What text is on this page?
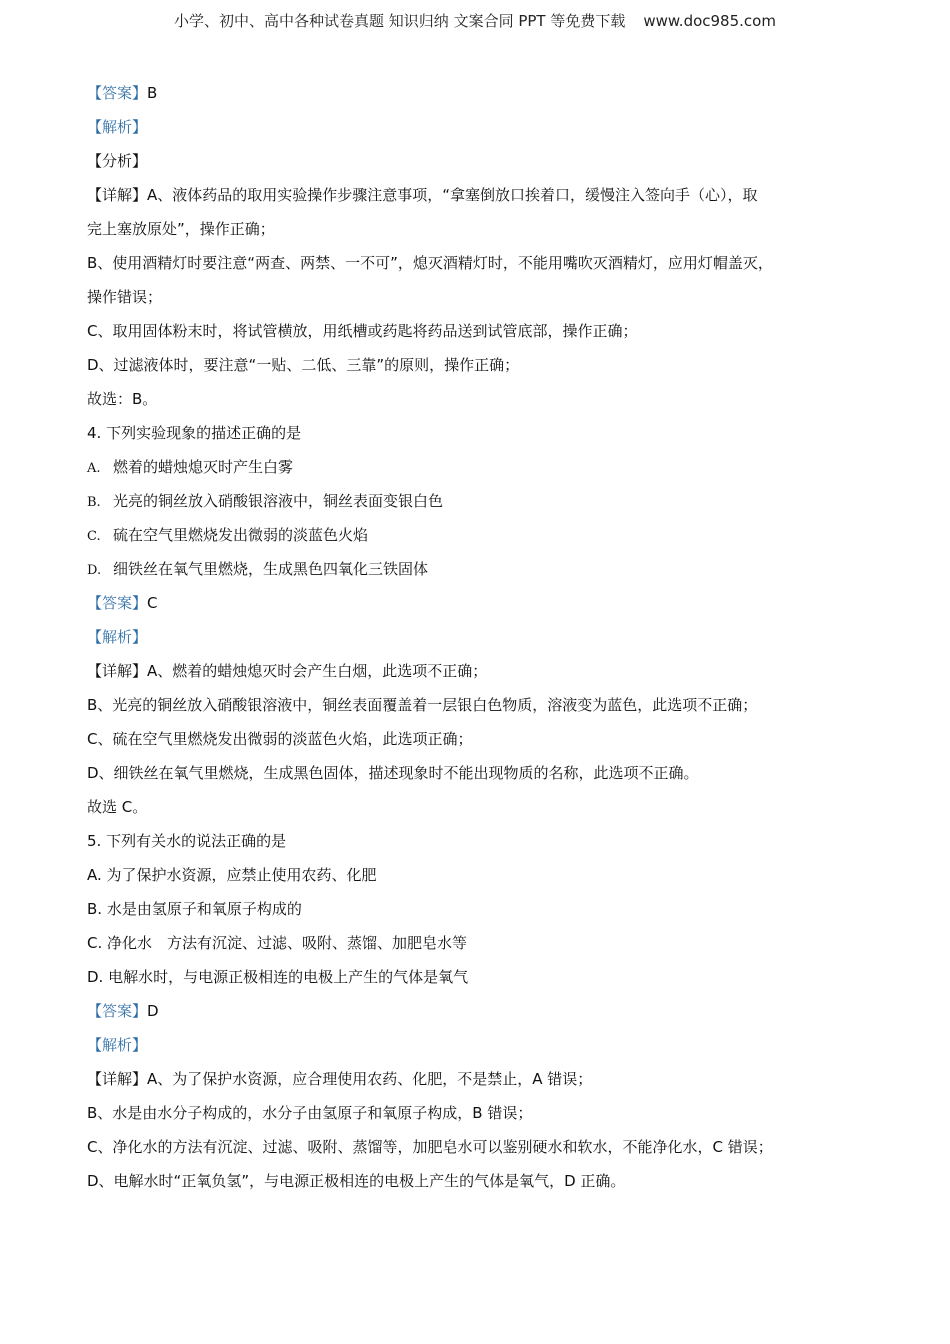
小学、初中、高中各种试卷真题 知识归纳 文案合同 PPT 等免费下载 www.doc985.com
【答案】B
【解析】
【分析】
【详解】A、液体药品的取用实验操作步骤注意事项，“拿塞倒放口挨着口，缓慢注入签向手（心），取
完上塞放原处”，操作正确；
B、使用酒精灯时要注意“两查、两禁、一不可”，熄灭酒精灯时，不能用嘴吹灭酒精灯，应用灯帽盖灭，
操作错误；
C、取用固体粉末时，将试管横放，用纸槽或药匙将药品送到试管底部，操作正确；
D、过滤液体时，要注意“一贴、二低、三靠”的原则，操作正确；
故选：B。
4. 下列实验现象的描述正确的是
A. 燃着的蜡烛熄灭时产生白雾
B. 光亮的铜丝放入硝酸银溶液中，铜丝表面变银白色
C. 硫在空气里燃烧发出微弱的淡蓝色火焰
D. 细铁丝在氧气里燃烧，生成黑色四氧化三铁固体
【答案】C
【解析】
【详解】A、燃着的蜡烛熄灭时会产生白烟，此选项不正确；
B、光亮的铜丝放入硝酸银溶液中，铜丝表面覆盖着一层银白色物质，溶液变为蓝色，此选项不正确；
C、硫在空气里燃烧发出微弱的淡蓝色火焰，此选项正确；
D、细铁丝在氧气里燃烧，生成黑色固体，描述现象时不能出现物质的名称，此选项不正确。
故选 C。
5. 下列有关水的说法正确的是
A. 为了保护水资源，应禁止使用农药、化肥
B. 水是由氢原子和氧原子构成的
C. 净化水　方法有沉淀、过滤、吸附、蒸馏、加肥皂水等
D. 电解水时，与电源正极相连的电极上产生的气体是氧气
【答案】D
【解析】
【详解】A、为了保护水资源，应合理使用农药、化肥，不是禁止，A 错误；
B、水是由水分子构成的，水分子由氢原子和氧原子构成，B 错误；
C、净化水的方法有沉淀、过滤、吸附、蒸馏等，加肥皂水可以鉴别硬水和软水，不能净化水，C 错误；
D、电解水时“正氧负氢”，与电源正极相连的电极上产生的气体是氧气，D 正确。
